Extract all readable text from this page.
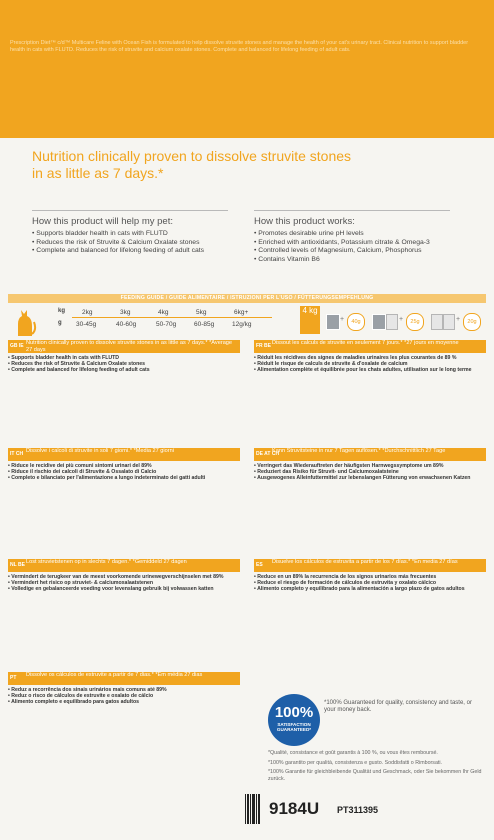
Prescription Diet™ c/d™ Multicare Feline with Ocean Fish is formulated to help dissolve struvite stones and manage the health of your cat's urinary tract. Clinical nutrition to support bladder health in cats with FLUTD. Reduces the risk of struvite and calcium oxalate stones. Complete and balanced for lifelong feeding of adult cats.
Nutrition clinically proven to dissolve struvite stones in as little as 7 days.*
How this product will help my pet:
• Supports bladder health in cats with FLUTD
• Reduces the risk of Struvite & Calcium Oxalate stones
• Complete and balanced for lifelong feeding of adult cats
How this product works:
• Promotes desirable urine pH levels
• Enriched with antioxidants, Potassium citrate & Omega-3
• Controlled levels of Magnesium, Calcium, Phosphorus
• Contains Vitamin B6
FEEDING GUIDE / GUIDE ALIMENTAIRE / ISTRUZIONI PER L'USO / FÜTTERUNGSEMPFEHLUNG
kg
g
2kg	3kg	4kg	5kg	6kg+
30-45g	40-60g	50-70g	60-85g	12g/kg
4 kg
+	40g	+	25g	+	20g
GB IE Nutrition clinically proven to dissolve struvite stones in as little as 7 days.* *Average 27 days
• Supports bladder health in cats with FLUTD
• Reduces the risk of Struvite & Calcium Oxalate stones
• Complete and balanced for lifelong feeding of adult cats
FR BE Dissout les calculs de struvite en seulement 7 jours.* *27 jours en moyenne
• Réduit les récidives des signes de maladies urinaires les plus courantes de 89 %
• Réduit le risque de calculs de struvite & d'oxalate de calcium
• Alimentation complète et équilibrée pour les chats adultes, utilisation sur le long terme
IT CH Dissolve i calcoli di struvite in soli 7 giorni.* *Media 27 giorni
• Riduce le recidive dei più comuni sintomi urinari del 89%
• Riduce il rischio dei calcoli di Struvite & Ossalato di Calcio
• Completo e bilanciato per l'alimentazione a lungo indeterminato dei gatti adulti
DE AT CH
Kann Struvitsteine in nur 7 Tagen auflösen.* *Durchschnittlich 27 Tage
• Verringert das Wiederauftreten der häufigsten Harnwegssymptome um 89%
• Reduziert das Risiko für Struvit- und Calciumoxalatsteine
• Ausgewogenes Alleinfuttermittel zur lebenslangen Fütterung von erwachsenen Katzen
NL BE Lost struvietstenen op in slechts 7 dagen.* *Gemiddeld 27 dagen
• Vermindert de terugkeer van de meest voorkomende urinewegverschijnselen met 89%
• Vermindert het risico op struviet- & calciumoxalaatstenen
• Volledige en gebalanceerde voeding voor levenslang gebruik bij volwassen katten
ES Disuelve los cálculos de estruvita a partir de los 7 días.* *En media 27 días
• Reduce en un 89% la recurrencia de los signos urinarios más frecuentes
• Reduce el riesgo de formación de cálculos de estruvita y oxalato cálcico
• Alimento completo y equilibrado para la alimentación a largo plazo de gatos adultos
PT Dissolve os cálculos de estruvite a partir de 7 dias.* *Em média 27 dias
• Reduz a recorrência dos sinais urinários mais comuns até 89%
• Reduz o risco de cálculos de estruvite e oxalato de cálcio
• Alimento completo e equilibrado para gatos adultos
100%
SATISFACTION GUARANTEED*
*100% Guaranteed for quality, consistency and taste, or your money back.
*Qualité, consistance et goût garantis à 100 %, ou vous êtes remboursé.
*100% garantito per qualità, consistenza e gusto. Soddisfatti o Rimborsati.
*100% Garantie für gleichbleibende Qualität und Geschmack, oder Sie bekommen Ihr Geld zurück.
9184U PT311395
